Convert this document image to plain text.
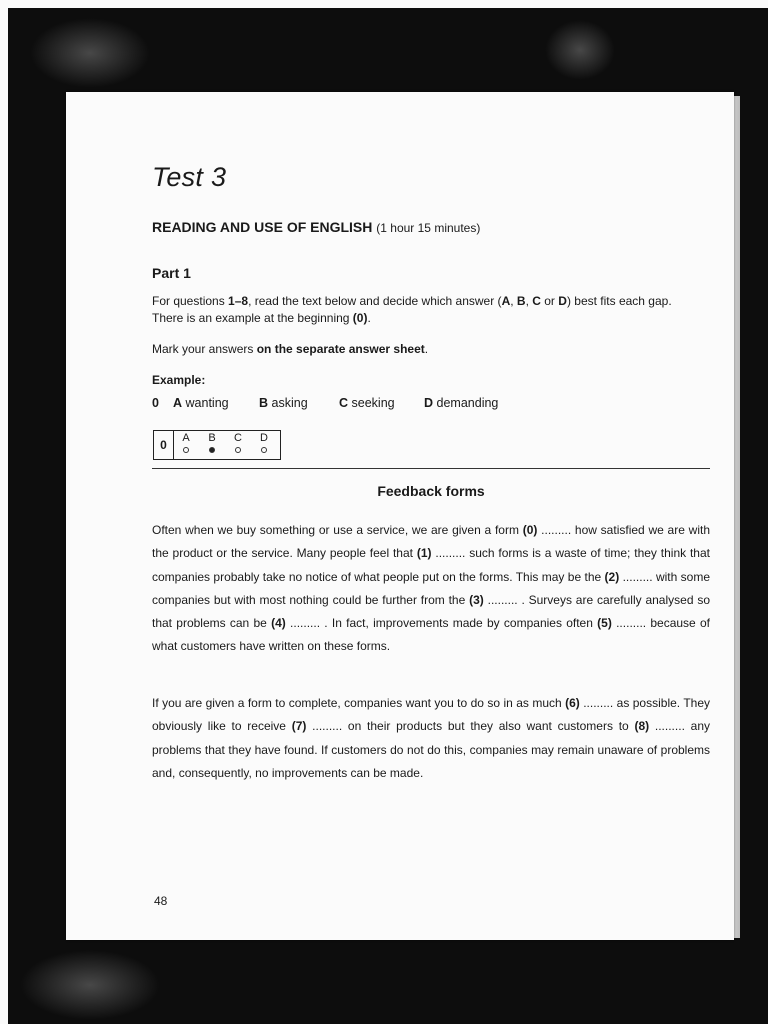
Test 3
READING AND USE OF ENGLISH (1 hour 15 minutes)
Part 1

For questions 1–8, read the text below and decide which answer (A, B, C or D) best fits each gap.

There is an example at the beginning (0).

Mark your answers on the separate answer sheet.
Example:
0 A wanting B asking	C seeking D demanding
0	A B C D
Feedback forms

Often when we buy something or use a service, we are given a form (0) ......... how satisfied we are with the product or the service. Many people feel that (1) ......... such forms is a waste of time; they think that companies probably take no notice of what people put on the forms. This may be the (2) ......... with some companies but with most nothing could be further from the (3) ......... . Surveys are carefully analysed so that problems can be (4) ......... . In fact, improvements made by companies often (5) ......... because of what customers have written on these forms.

If you are given a form to complete, companies want you to do so in as much (6) ......... as possible. They obviously like to receive (7) ......... on their products but they also want customers to (8) ......... any problems that they have found. If customers do not do this, companies may remain unaware of problems and, consequently, no improvements can be made.

48
